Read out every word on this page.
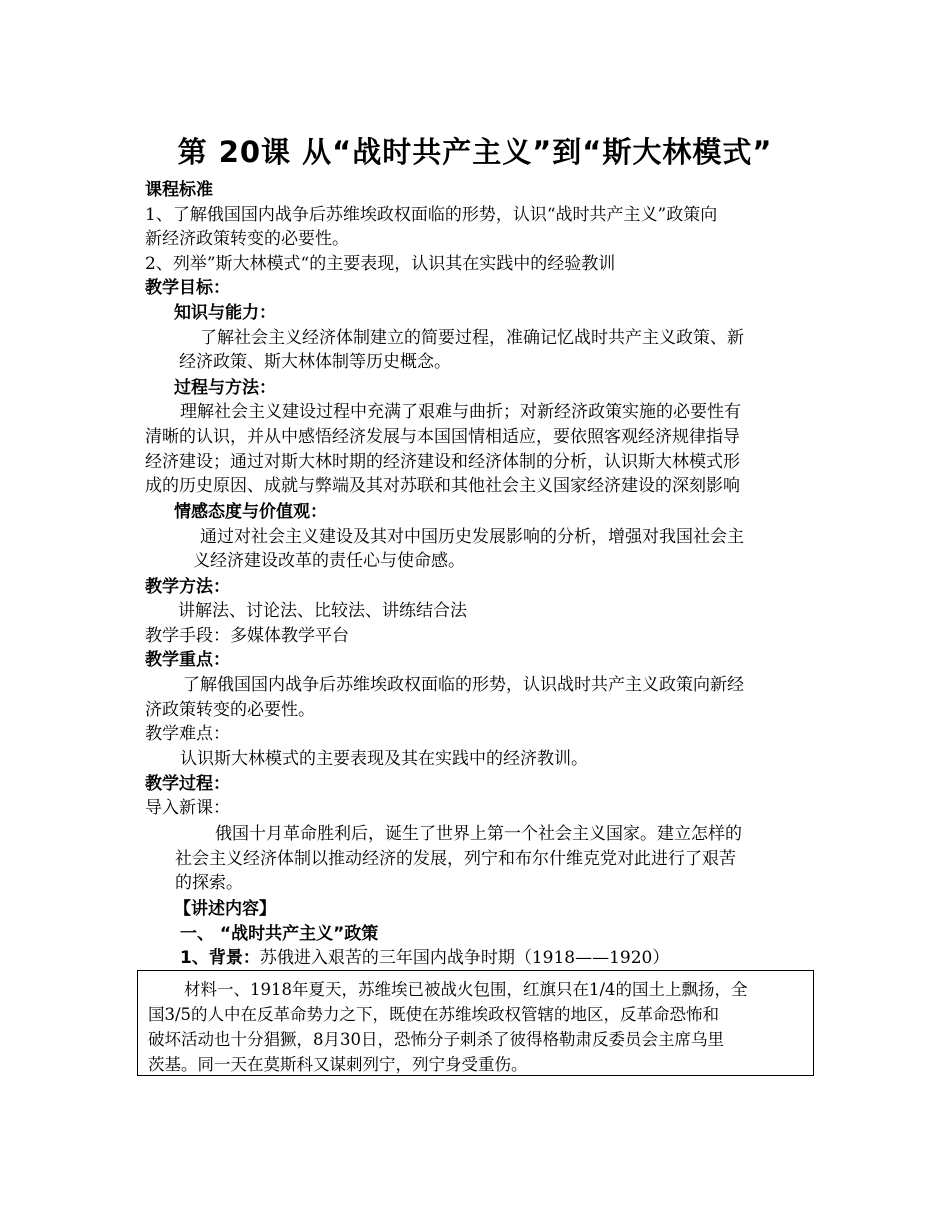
第 20课 从“战时共产主义”到“斯大林模式”
课程标准
1、了解俄国国内战争后苏维埃政权面临的形势，认识“战时共产主义”政策向
新经济政策转变的必要性。
2、列举”斯大林模式“的主要表现，认识其在实践中的经验教训
教学目标：
知识与能力：
了解社会主义经济体制建立的简要过程，准确记忆战时共产主义政策、新
经济政策、斯大林体制等历史概念。
过程与方法：
理解社会主义建设过程中充满了艰难与曲折；对新经济政策实施的必要性有
清晰的认识，并从中感悟经济发展与本国国情相适应，要依照客观经济规律指导
经济建设；通过对斯大林时期的经济建设和经济体制的分析，认识斯大林模式形
成的历史原因、成就与弊端及其对苏联和其他社会主义国家经济建设的深刻影响
情感态度与价值观：
通过对社会主义建设及其对中国历史发展影响的分析，增强对我国社会主
义经济建设改革的责任心与使命感。
教学方法：
讲解法、讨论法、比较法、讲练结合法
教学手段：多媒体教学平台
教学重点：
了解俄国国内战争后苏维埃政权面临的形势，认识战时共产主义政策向新经
济政策转变的必要性。
教学难点：
认识斯大林模式的主要表现及其在实践中的经济教训。
教学过程：
导入新课：
俄国十月革命胜利后，诞生了世界上第一个社会主义国家。建立怎样的
社会主义经济体制以推动经济的发展，列宁和布尔什维克党对此进行了艰苦
的探索。
【讲述内容】
一、 “战时共产主义”政策
1、背景：苏俄进入艰苦的三年国内战争时期（1918——1920）
材料一、1918年夏天，苏维埃已被战火包围，红旗只在1/4的国土上飘扬，全
国3/5的人中在反革命势力之下，既使在苏维埃政权管辖的地区，反革命恐怖和
破坏活动也十分猖獗，8月30日，恐怖分子刺杀了彼得格勒肃反委员会主席乌里
茨基。同一天在莫斯科又谋刺列宁，列宁身受重伤。
